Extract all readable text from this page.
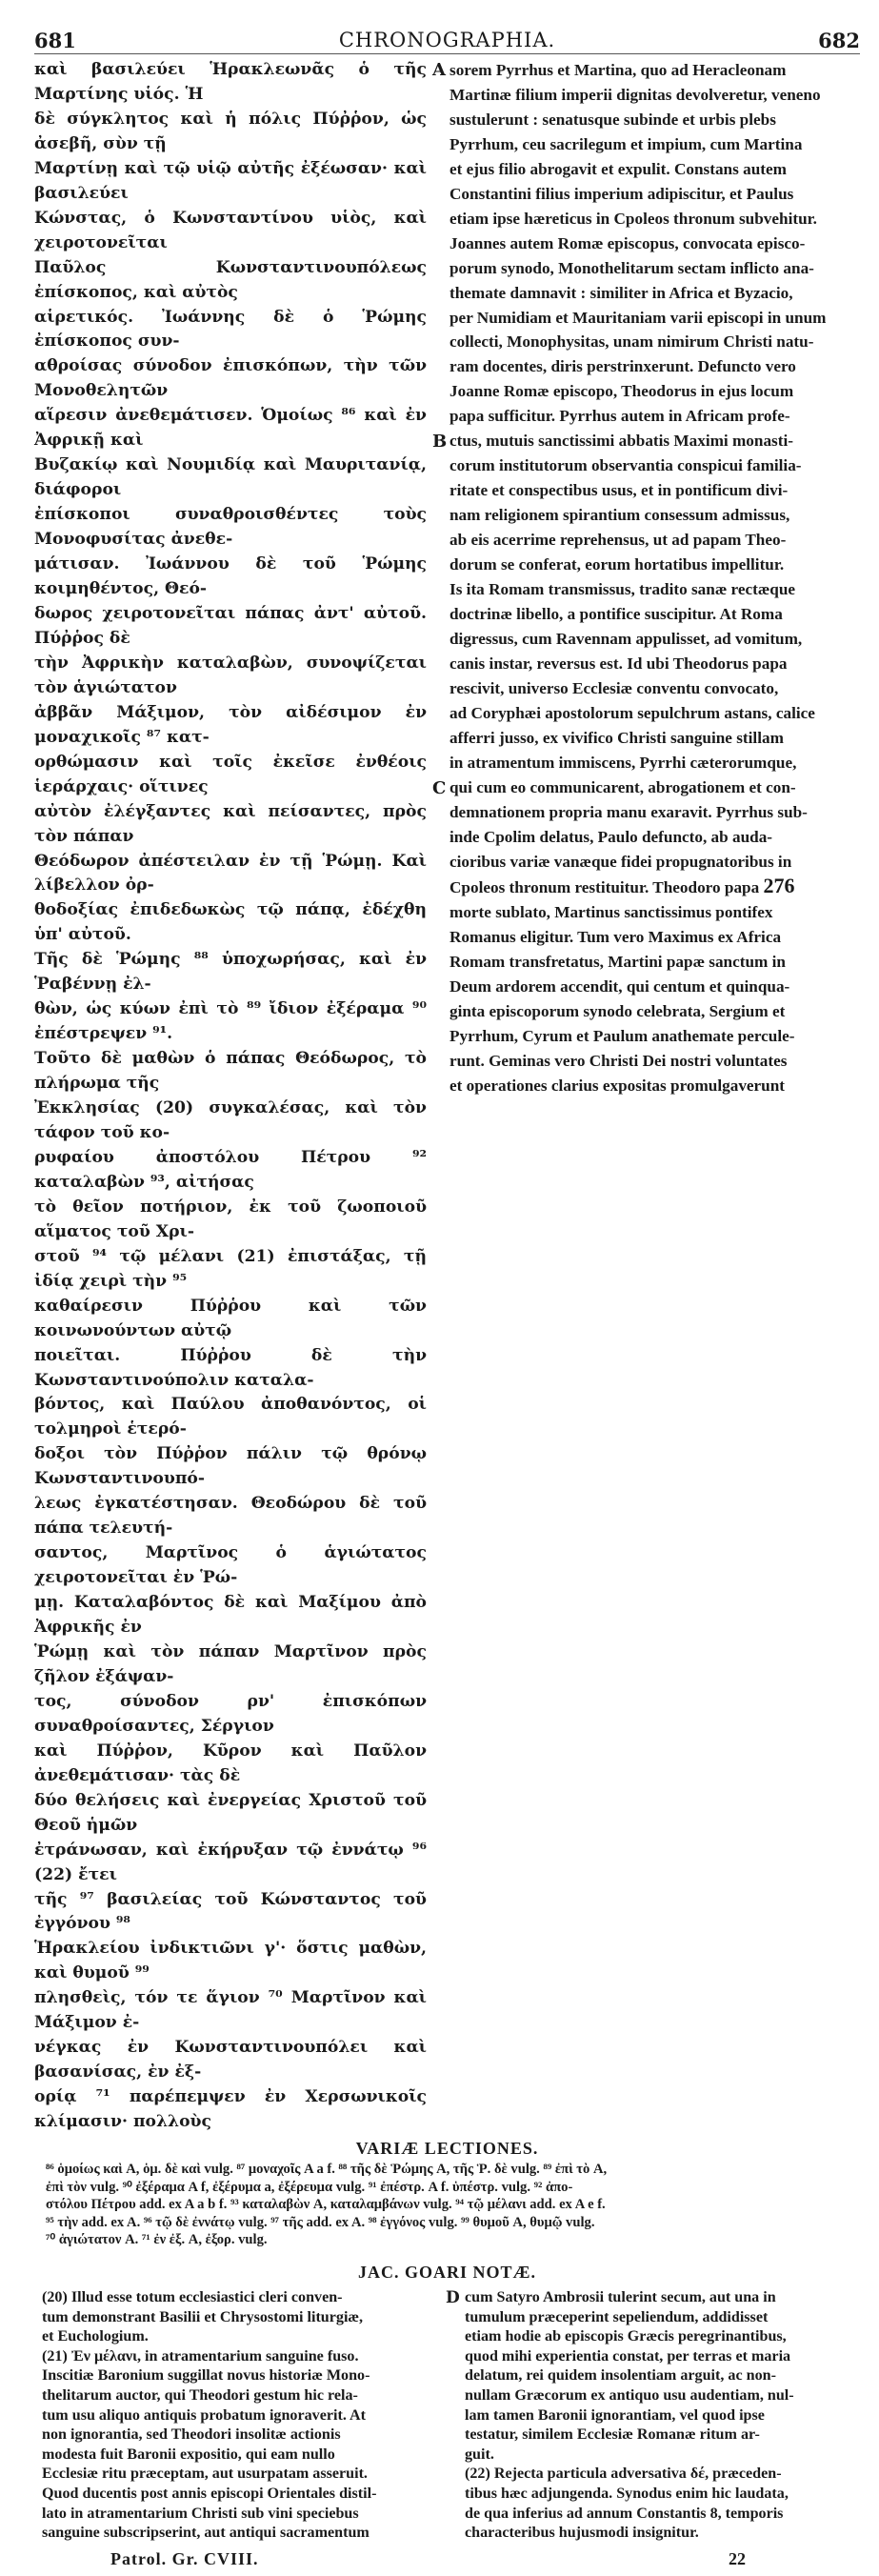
681	CHRONOGRAPHIA.	682
καὶ βασιλεύει Ἡρακλεωνᾶς ὁ τῆς Μαρτίνης υἱός. Ἡ
δὲ σύγκλητος καὶ ἡ πόλις Πύῤῥον, ὡς ἀσεβῆ, σὺν τῇ
Μαρτίνῃ καὶ τῷ υἱῷ αὐτῆς ἐξέωσαν· καὶ βασιλεύει
Κώνστας, ὁ Κωνσταντίνου υἱὸς, καὶ χειροτονεῖται
Παῦλος Κωνσταντινουπόλεως ἐπίσκοπος, καὶ αὐτὸς
αἱρετικός. Ἰωάννης δὲ ὁ Ῥώμης ἐπίσκοπος συν-
αθροίσας σύνοδον ἐπισκόπων, τὴν τῶν Μονοθελητῶν
αἵρεσιν ἀνεθεμάτισεν. Ὁμοίως ⁸⁶ καὶ ἐν Ἀφρικῇ καὶ
Βυζακίῳ καὶ Νουμιδίᾳ καὶ Μαυριτανίᾳ, διάφοροι
ἐπίσκοποι συναθροισθέντες τοὺς Μονοφυσίτας ἀνεθε-
μάτισαν. Ἰωάννου δὲ τοῦ Ῥώμης κοιμηθέντος, Θεό-
δωρος χειροτονεῖται πάπας ἀντ' αὐτοῦ. Πύῤῥος δὲ
τὴν Ἀφρικὴν καταλαβὼν, συνοψίζεται τὸν ἁγιώτατον
ἀββᾶν Μάξιμον, τὸν αἰδέσιμον ἐν μοναχικοῖς ⁸⁷ κατ-
ορθώμασιν καὶ τοῖς ἐκεῖσε ἐνθέοις ἱεράρχαις· οἵτινες
αὐτὸν ἐλέγξαντες καὶ πείσαντες, πρὸς τὸν πάπαν
Θεόδωρον ἀπέστειλαν ἐν τῇ Ῥώμῃ. Καὶ λίβελλον ὀρ-
θοδοξίας ἐπιδεδωκὼς τῷ πάπᾳ, ἐδέχθη ὑπ' αὐτοῦ.
Τῆς δὲ Ῥώμης ⁸⁸ ὑποχωρήσας, καὶ ἐν Ῥαβέννῃ ἐλ-
θὼν, ὡς κύων ἐπὶ τὸ ⁸⁹ ἴδιον ἐξέραμα ⁹⁰ ἐπέστρεψεν ⁹¹.
Τοῦτο δὲ μαθὼν ὁ πάπας Θεόδωρος, τὸ πλήρωμα τῆς
Ἐκκλησίας (20) συγκαλέσας, καὶ τὸν τάφον τοῦ κο-
ρυφαίου ἀποστόλου Πέτρου ⁹² καταλαβὼν ⁹³, αἰτήσας
τὸ θεῖον ποτήριον, ἐκ τοῦ ζωοποιοῦ αἵματος τοῦ Χρι-
στοῦ ⁹⁴ τῷ μέλανι (21) ἐπιστάξας, τῇ ἰδίᾳ χειρὶ τὴν ⁹⁵
καθαίρεσιν Πύῤῥου καὶ τῶν κοινωνούντων αὐτῷ
ποιεῖται. Πύῤῥου δὲ τὴν Κωνσταντινούπολιν καταλα-
βόντος, καὶ Παύλου ἀποθανόντος, οἱ τολμηροὶ ἑτερό-
δοξοι τὸν Πύῤῥον πάλιν τῷ θρόνῳ Κωνσταντινουπό-
λεως ἐγκατέστησαν. Θεοδώρου δὲ τοῦ πάπα τελευτή-
σαντος, Μαρτῖνος ὁ ἁγιώτατος χειροτονεῖται ἐν Ῥώ-
μῃ. Καταλαβόντος δὲ καὶ Μαξίμου ἀπὸ Ἀφρικῆς ἐν
Ῥώμῃ καὶ τὸν πάπαν Μαρτῖνον πρὸς ζῆλον ἐξάψαν-
τος, σύνοδον ρν' ἐπισκόπων συναθροίσαντες, Σέργιον
καὶ Πύῤῥον, Κῦρον καὶ Παῦλον ἀνεθεμάτισαν· τὰς δὲ
δύο θελήσεις καὶ ἐνεργείας Χριστοῦ τοῦ Θεοῦ ἡμῶν
ἐτράνωσαν, καὶ ἐκήρυξαν τῷ ἐννάτῳ ⁹⁶ (22) ἔτει
τῆς ⁹⁷ βασιλείας τοῦ Κώνσταντος τοῦ ἐγγόνου ⁹⁸
Ἡρακλείου ἰνδικτιῶνι γ'· ὅστις μαθὼν, καὶ θυμοῦ ⁹⁹
πλησθεὶς, τόν τε ἅγιον ⁷⁰ Μαρτῖνον καὶ Μάξιμον ἐ-
νέγκας ἐν Κωνσταντινουπόλει καὶ βασανίσας, ἐν ἐξ-
ορίᾳ ⁷¹ παρέπεμψεν ἐν Χερσωνικοῖς κλίμασιν· πολλοὺς
A
B
C
sorem Pyrrhus et Martina, quo ad Heracleonam
Martinæ filium imperii dignitas devolveretur, veneno
sustulerunt : senatusque subinde et urbis plebs
Pyrrhum, ceu sacrilegum et impium, cum Martina
et ejus filio abrogavit et expulit. Constans autem
Constantini filius imperium adipiscitur, et Paulus
etiam ipse hæreticus in Cpoleos thronum subvehitur.
Joannes autem Romæ episcopus, convocata episco-
porum synodo, Monothelitarum sectam inflicto ana-
themate damnavit : similiter in Africa et Byzacio,
per Numidiam et Mauritaniam varii episcopi in unum
collecti, Monophysitas, unam nimirum Christi natu-
ram docentes, diris perstrinxerunt. Defuncto vero
Joanne Romæ episcopo, Theodorus in ejus locum
papa sufficitur. Pyrrhus autem in Africam profe-
ctus, mutuis sanctissimi abbatis Maximi monasti-
corum institutorum observantia conspicui familia-
ritate et conspectibus usus, et in pontificum divi-
nam religionem spirantium consessum admissus,
ab eis acerrime reprehensus, ut ad papam Theo-
dorum se conferat, eorum hortatibus impellitur.
Is ita Romam transmissus, tradito sanæ rectæque
doctrinæ libello, a pontifice suscipitur. At Roma
digressus, cum Ravennam appulisset, ad vomitum,
canis instar, reversus est. Id ubi Theodorus papa
rescivit, universo Ecclesiæ conventu convocato,
ad Coryphæi apostolorum sepulchrum astans, calice
afferri jusso, ex vivifico Christi sanguine stillam
in atramentum immiscens, Pyrrhi cæterorumque,
qui cum eo communicarent, abrogationem et con-
demnationem propria manu exaravit. Pyrrhus sub-
inde Cpolim delatus, Paulo defuncto, ab auda-
cioribus variæ vanæque fidei propugnatoribus in
Cpoleos thronum restituitur. Theodoro papa 276
morte sublato, Martinus sanctissimus pontifex
Romanus eligitur. Tum vero Maximus ex Africa
Romam transfretatus, Martini papæ sanctum in
Deum ardorem accendit, qui centum et quinqua-
ginta episcoporum synodo celebrata, Sergium et
Pyrrhum, Cyrum et Paulum anathemate percule-
runt. Geminas vero Christi Dei nostri voluntates
et operationes clarius expositas promulgaverunt
VARIÆ LECTIONES.
⁸⁶ ὁμοίως καὶ A, ὁμ. δὲ καὶ vulg. ⁸⁷ μοναχοῖς A a f. ⁸⁸ τῆς δὲ Ῥώμης A, τῆς Ῥ. δὲ vulg. ⁸⁹ ἐπὶ τὸ A,
ἐπὶ τὸν vulg. ⁹⁰ ἐξέραμα A f, ἐξέρυμα a, ἐξέρευμα vulg. ⁹¹ ἐπέστρ. A f. ὑπέστρ. vulg. ⁹² ἀπο-
στόλου Πέτρου add. ex A a b f. ⁹³ καταλαβὼν A, καταλαμβάνων vulg. ⁹⁴ τῷ μέλανι add. ex A e f.
⁹⁵ τὴν add. ex A. ⁹⁶ τῷ δὲ ἐννάτῳ vulg. ⁹⁷ τῆς add. ex A. ⁹⁸ ἐγγόνος vulg. ⁹⁹ θυμοῦ A, θυμῷ vulg.
⁷⁰ ἁγιώτατον A. ⁷¹ ἐν ἐξ. A, ἐξορ. vulg.
JAC. GOARI NOTÆ.
(20) Illud esse totum ecclesiastici cleri conven-
tum demonstrant Basilii et Chrysostomi liturgiæ,
et Euchologium.
(21) Ἐν μέλανι, in atramentarium sanguine fuso.
Inscitiæ Baronium suggillat novus historiæ Mono-
thelitarum auctor, qui Theodori gestum hic rela-
tum usu aliquo antiquis probatum ignoraverit. At
non ignorantia, sed Theodori insolitæ actionis
modesta fuit Baronii expositio, qui eam nullo
Ecclesiæ ritu præceptam, aut usurpatam asseruit.
Quod ducentis post annis episcopi Orientales distil-
lato in atramentarium Christi sub vini speciebus
sanguine subscripserint, aut antiqui sacramentum
D cum Satyro Ambrosii tulerint secum, aut una in
tumulum præceperint sepeliendum, addidisset
etiam hodie ab episcopis Græcis peregrinantibus,
quod mihi experientia constat, per terras et maria
delatum, rei quidem insolentiam arguit, ac non-
nullam Græcorum ex antiquo usu audentiam, nul-
lam tamen Baronii ignorantiam, vel quod ipse
testatur, similem Ecclesiæ Romanæ ritum ar-
guit.
(22) Rejecta particula adversativa δέ, præceden-
tibus hæc adjungenda. Synodus enim hic laudata,
de qua inferius ad annum Constantis 8, temporis
characteribus hujusmodi insignitur.
Patrol. Gr. CVIII.	22
